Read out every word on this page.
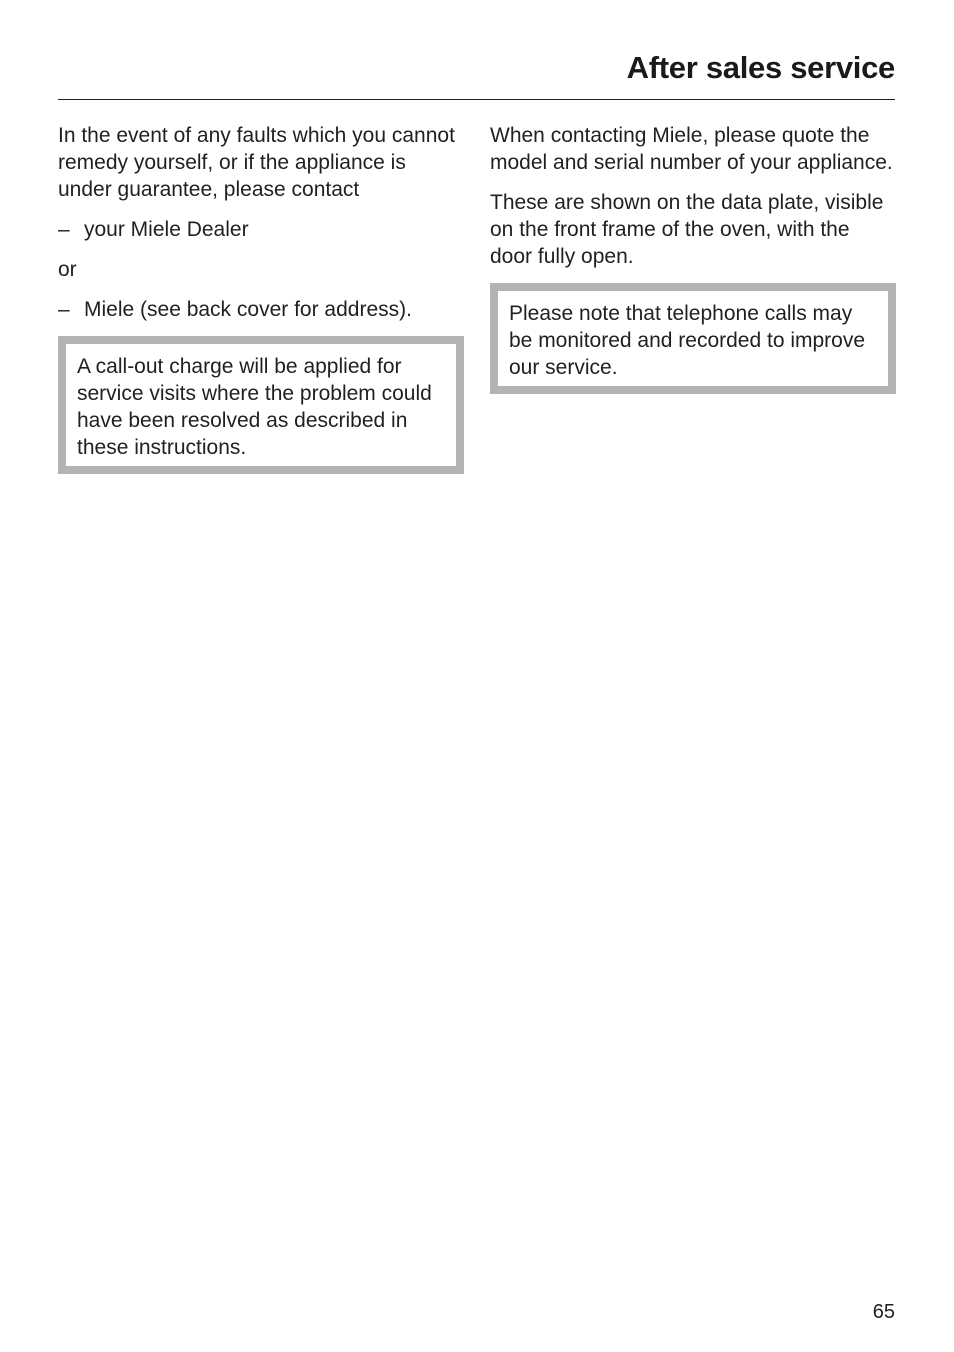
After sales service

In the event of any faults which you cannot remedy yourself, or if the appliance is under guarantee, please contact

– your Miele Dealer

or

– Miele (see back cover for address).

A call-out charge will be applied for service visits where the problem could have been resolved as described in these instructions.

When contacting Miele, please quote the model and serial number of your appliance.

These are shown on the data plate, visible on the front frame of the oven, with the door fully open.

Please note that telephone calls may be monitored and recorded to improve our service.

65
